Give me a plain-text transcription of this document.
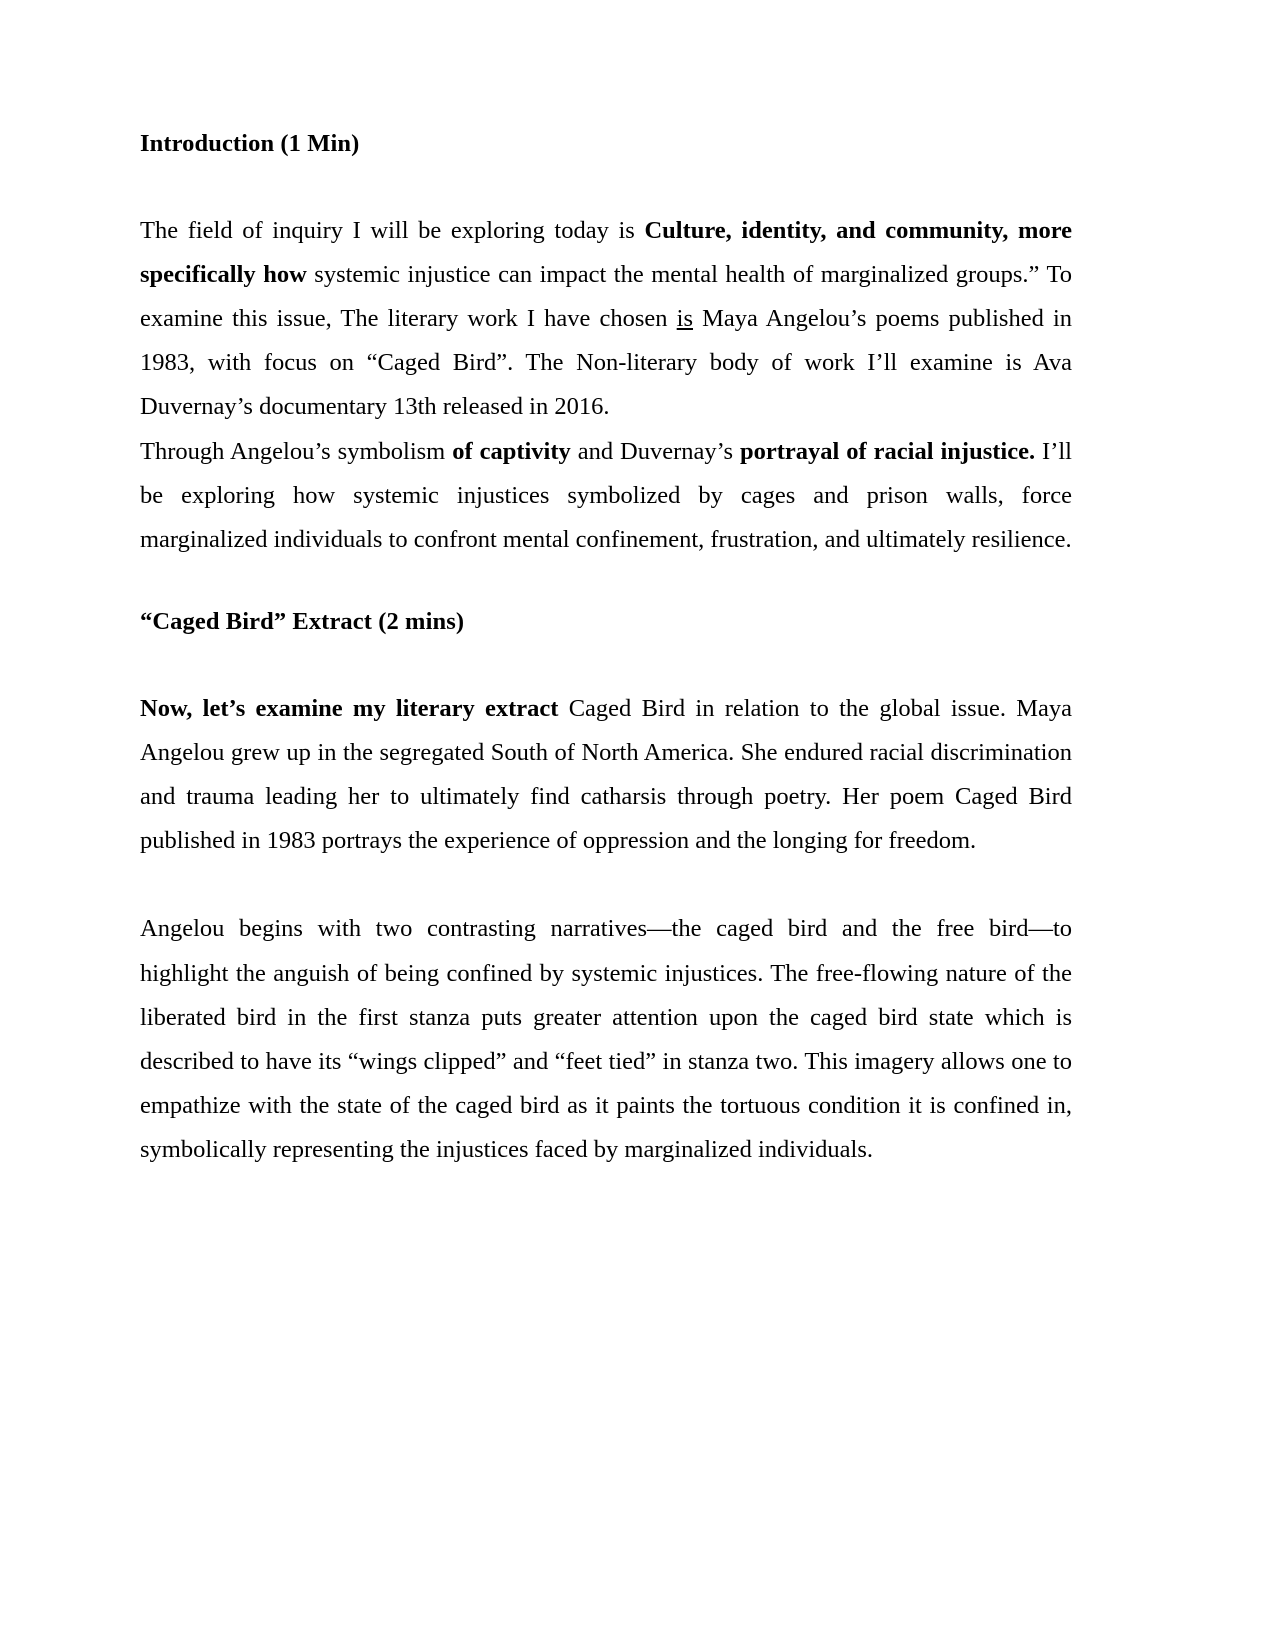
Introduction (1 Min)

The field of inquiry I will be exploring today is Culture, identity, and community, more specifically how systemic injustice can impact the mental health of marginalized groups.” To examine this issue, The literary work I have chosen is Maya Angelou’s poems published in 1983, with focus on “Caged Bird”. The Non-literary body of work I’ll examine is Ava Duvernay’s documentary 13th released in 2016.

Through Angelou’s symbolism of captivity and Duvernay’s portrayal of racial injustice. I’ll be exploring how systemic injustices symbolized by cages and prison walls, force marginalized individuals to confront mental confinement, frustration, and ultimately resilience.

“Caged Bird” Extract (2 mins)

Now, let’s examine my literary extract Caged Bird in relation to the global issue. Maya Angelou grew up in the segregated South of North America. She endured racial discrimination and trauma leading her to ultimately find catharsis through poetry. Her poem Caged Bird published in 1983 portrays the experience of oppression and the longing for freedom.

Angelou begins with two contrasting narratives—the caged bird and the free bird—to highlight the anguish of being confined by systemic injustices. The free-flowing nature of the liberated bird in the first stanza puts greater attention upon the caged bird state which is described to have its “wings clipped” and “feet tied” in stanza two. This imagery allows one to empathize with the state of the caged bird as it paints the tortuous condition it is confined in, symbolically representing the injustices faced by marginalized individuals.
